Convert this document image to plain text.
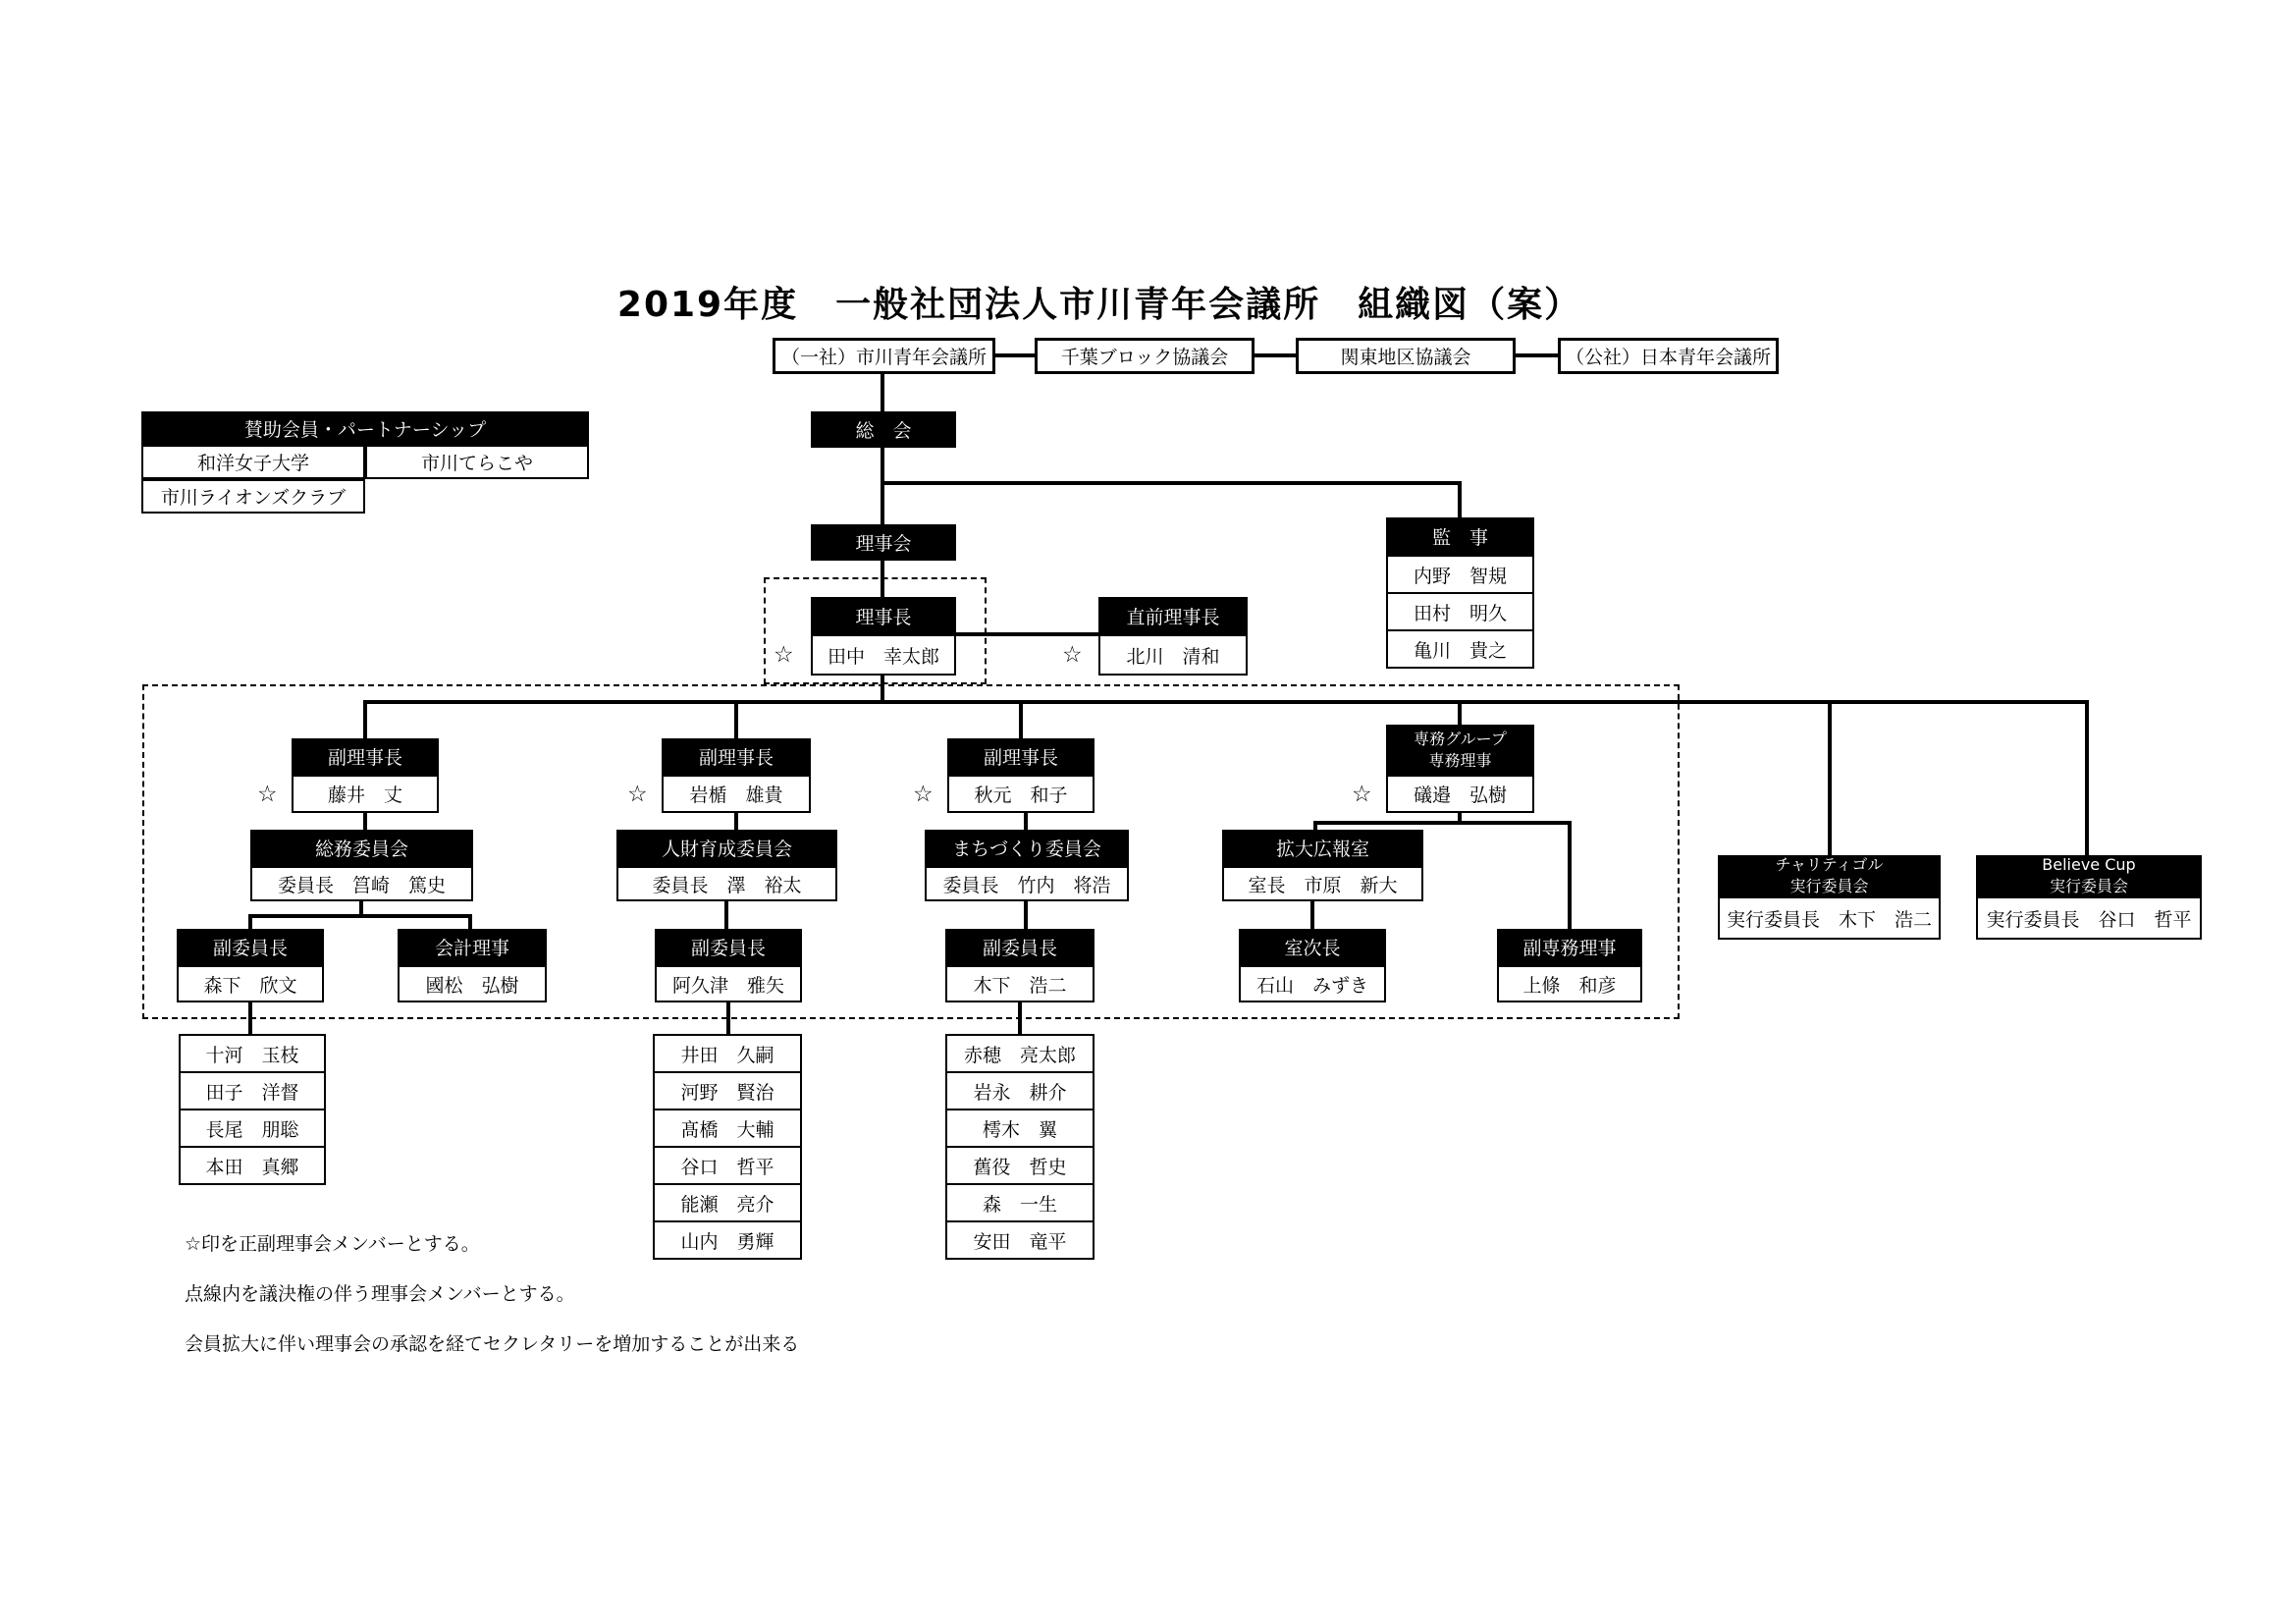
2019年度　一般社団法人市川青年会議所　組織図（案）
（一社）市川青年会議所	千葉ブロック協議会	関東地区協議会	（公社）日本青年会議所
賛助会員・パートナーシップ
和洋女子大学	市川てらこや
市川ライオンズクラブ
総　会
理事会	監　事
内野　智規
田村　明久
亀川　貴之
理事長
田中　幸太郎
☆
直前理事長
北川　清和
☆
副理事長
藤井　丈
☆
副理事長
岩楯　雄貴
☆
副理事長
秋元　和子
☆
専務グループ
専務理事
礒邉　弘樹
☆
総務委員会
委員長　筥崎　篤史
人財育成委員会
委員長　澤　裕太
まちづくり委員会
委員長　竹内　将浩
拡大広報室
室長　市原　新大
副委員長
森下　欣文
会計理事
國松　弘樹
副委員長
阿久津　雅矢
副委員長
木下　浩二
室次長
石山　みずき
副専務理事
上條　和彦
十河　玉枝
田子　洋督
長尾　朋聡
本田　真郷
井田　久嗣
河野　賢治
髙橋　大輔
谷口　哲平
能瀬　亮介
山内　勇輝
赤穂　亮太郎
岩永　耕介
樗木　翼
舊役　哲史
森　一生
安田　竜平
チャリティゴル
実行委員会
実行委員長　木下　浩二
Believe Cup
実行委員会
実行委員長　谷口　哲平
☆印を正副理事会メンバーとする。
点線内を議決権の伴う理事会メンバーとする。
会員拡大に伴い理事会の承認を経てセクレタリーを増加することが出来る
